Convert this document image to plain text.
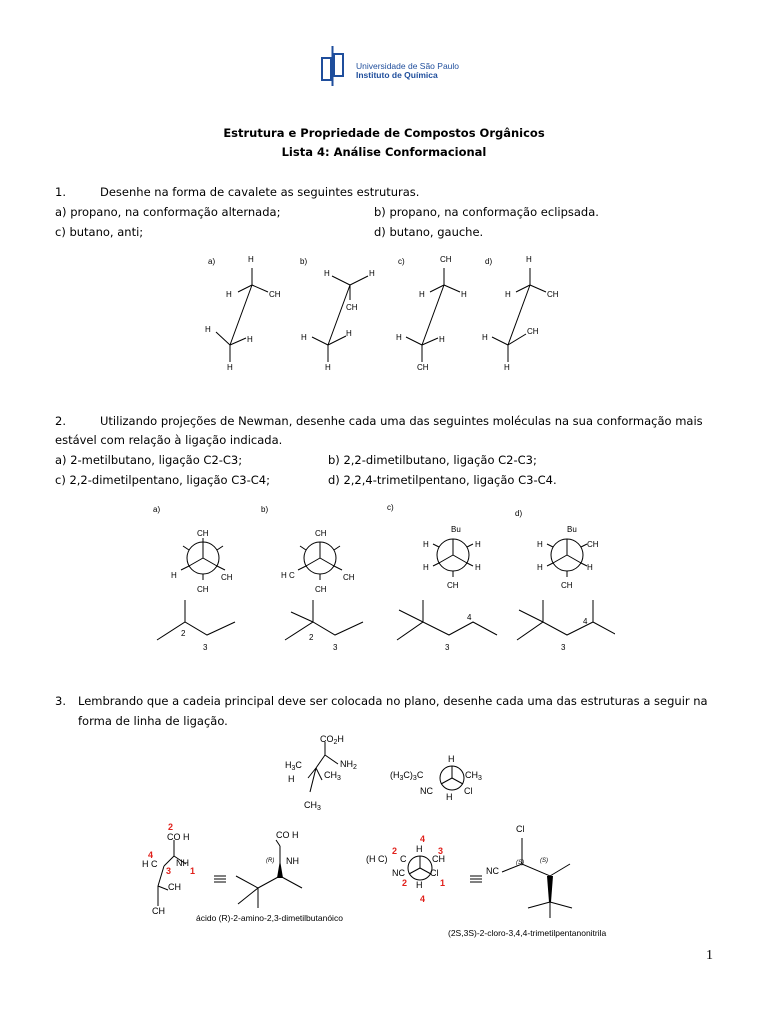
Universidade de São Paulo
Instituto de Química
Estrutura e Propriedade de Compostos Orgânicos
Lista 4: Análise Conformacional
1.	Desenhe na forma de cavalete as seguintes estruturas.
a) propano, na conformação alternada;	b) propano, na conformação eclipsada.
c) butano, anti;	d) butano, gauche.
a)	H
H	CH
H
H
H
b)
H	H
CH
H	H
H
c)	CH
H	H
H	H
CH
d)	H
H	CH
H
CH
H
2.	Utilizando projeções de Newman, desenhe cada uma das seguintes moléculas na sua conformação mais
estável com relação à ligação indicada.
a) 2-metilbutano, ligação C2-C3;	b) 2,2-dimetilbutano, ligação C2-C3;
c) 2,2-dimetilpentano, ligação C3-C4;	d) 2,2,4-trimetilpentano, ligação C3-C4.
a)
CH
H	CH
CH
b)
CH
H C	CH
CH
c)
Bu
H	H
H	H
CH
d)
Bu
H	CH
H	H
CH
2
3
2
3
4
3
4
3
3. Lembrando que a cadeia principal deve ser colocada no plano, desenhe cada uma das estruturas a seguir na
forma de linha de ligação.
$CO_2H$
$H_3C$	$NH_2$
$CH_3$
H
$CH_3$
$(H_3C)_3C$
H
$CH_3$
NC	Cl
H
CO H
H C NH
CH
CH
CO H
NH	(H C) C	CH
NC	Cl
H
H
Cl
NC
(R)	(S)	(S)
2
4
3 1
2
4
3
2
4
1
ácido (R)-2-amino-2,3-dimetilbutanóico
(2S,3S)-2-cloro-3,4,4-trimetilpentanonitrila
1
